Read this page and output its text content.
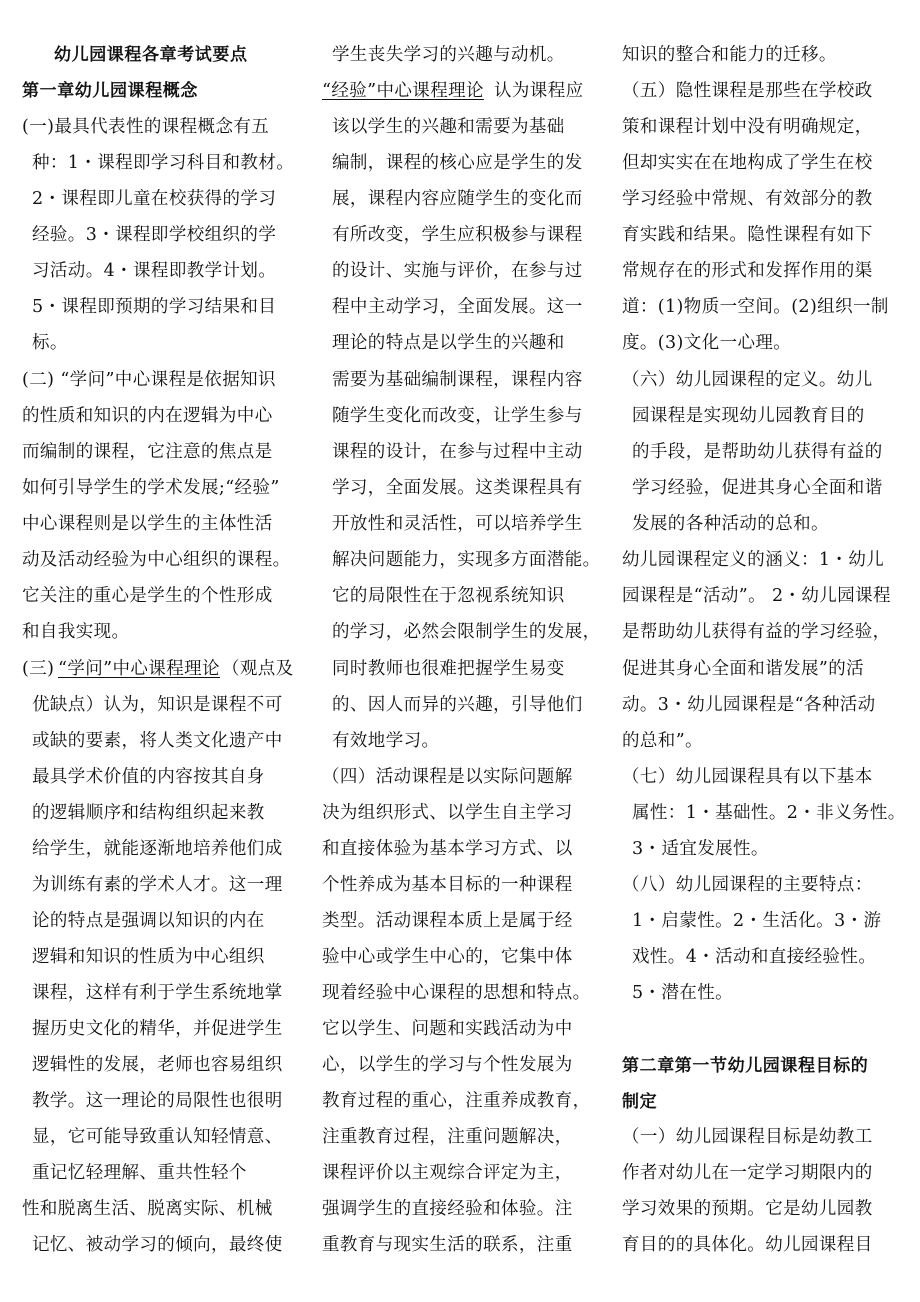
幼儿园课程各章考试要点
第一章幼儿园课程概念
(一)最具代表性的课程概念有五
种：1・课程即学习科目和教材。
2・课程即儿童在校获得的学习
经验。3・课程即学校组织的学
习活动。4・课程即教学计划。
5・课程即预期的学习结果和目
标。
(二) “学问”中心课程是依据知识
的性质和知识的内在逻辑为中心
而编制的课程，它注意的焦点是
如何引导学生的学术发展;“经验”
中心课程则是以学生的主体性活
动及活动经验为中心组织的课程。
它关注的重心是学生的个性形成
和自我实现。
(三) “学问”中心课程理论 （观点及
优缺点）认为，知识是课程不可
或缺的要素，将人类文化遗产中
最具学术价值的内容按其自身
的逻辑顺序和结构组织起来教
给学生，就能逐渐地培养他们成
为训练有素的学术人才。这一理
论的特点是强调以知识的内在
逻辑和知识的性质为中心组织
课程，这样有利于学生系统地掌
握历史文化的精华，并促进学生
逻辑性的发展，老师也容易组织
教学。这一理论的局限性也很明
显，它可能导致重认知轻情意、
重记忆轻理解、重共性轻个
性和脱离生活、脱离实际、机械
记忆、被动学习的倾向，最终使
学生丧失学习的兴趣与动机。
“经验”中心课程理论 认为课程应
该以学生的兴趣和需要为基础
编制，课程的核心应是学生的发
展，课程内容应随学生的变化而
有所改变，学生应积极参与课程
的设计、实施与评价，在参与过
程中主动学习，全面发展。这一
理论的特点是以学生的兴趣和
需要为基础编制课程，课程内容
随学生变化而改变，让学生参与
课程的设计，在参与过程中主动
学习，全面发展。这类课程具有
开放性和灵活性，可以培养学生
解决问题能力，实现多方面潜能。
它的局限性在于忽视系统知识
的学习，必然会限制学生的发展，
同时教师也很难把握学生易变
的、因人而异的兴趣，引导他们
有效地学习。
（四）活动课程是以实际问题解
决为组织形式、以学生自主学习
和直接体验为基本学习方式、以
个性养成为基本目标的一种课程
类型。活动课程本质上是属于经
验中心或学生中心的，它集中体
现着经验中心课程的思想和特点。
它以学生、问题和实践活动为中
心，以学生的学习与个性发展为
教育过程的重心，注重养成教育，
注重教育过程，注重问题解决，
课程评价以主观综合评定为主，
强调学生的直接经验和体验。注
重教育与现实生活的联系，注重
知识的整合和能力的迁移。
（五）隐性课程是那些在学校政
策和课程计划中没有明确规定，
但却实实在在地构成了学生在校
学习经验中常规、有效部分的教
育实践和结果。隐性课程有如下
常规存在的形式和发挥作用的渠
道：(1)物质一空间。(2)组织一制
度。(3)文化一心理。
（六）幼儿园课程的定义。幼儿
园课程是实现幼儿园教育目的
的手段，是帮助幼儿获得有益的
学习经验，促进其身心全面和谐
发展的各种活动的总和。
幼儿园课程定义的涵义：1・幼儿
园课程是“活动”。 2・幼儿园课程
是帮助幼儿获得有益的学习经验，
促进其身心全面和谐发展”的活
动。3・幼儿园课程是“各种活动
的总和”。
（七）幼儿园课程具有以下基本
属性：1・基础性。2・非义务性。
3・适宜发展性。
（八）幼儿园课程的主要特点：
1・启蒙性。2・生活化。3・游
戏性。4・活动和直接经验性。
5・潜在性。
第二章第一节幼儿园课程目标的
制定
（一）幼儿园课程目标是幼教工
作者对幼儿在一定学习期限内的
学习效果的预期。它是幼儿园教
育目的的具体化。幼儿园课程目
